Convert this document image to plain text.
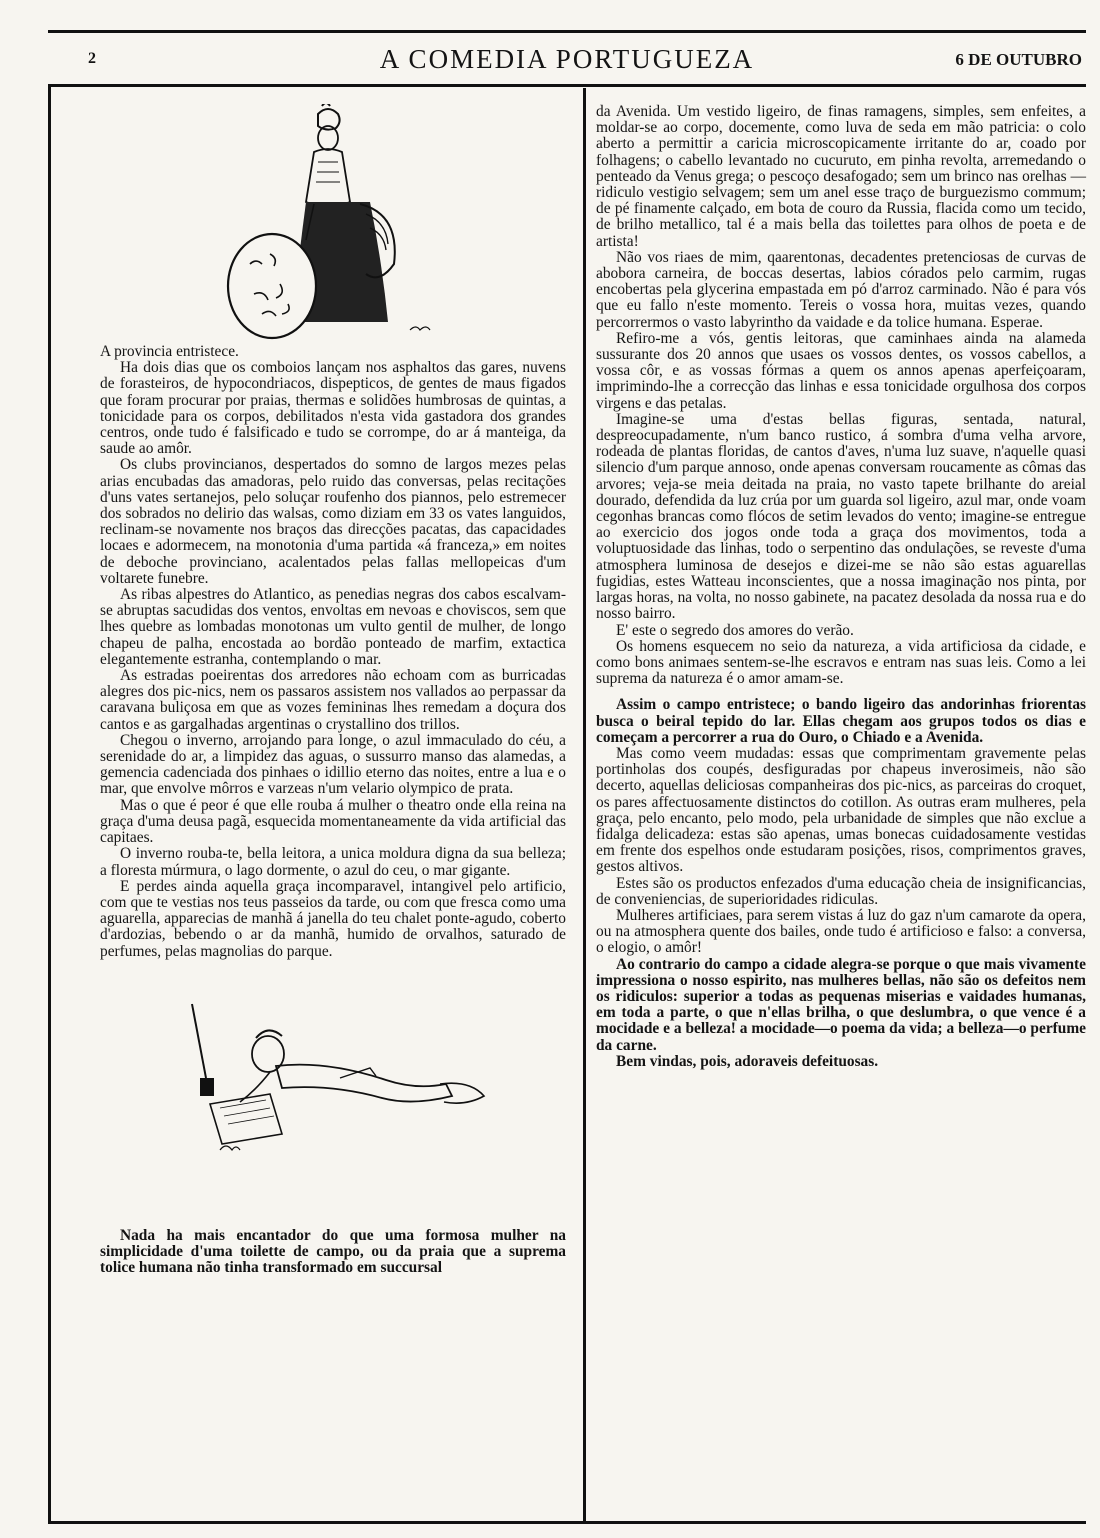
2	A COMEDIA PORTUGUEZA	6 DE OUTUBRO

A provincia entristece.

Ha dois dias que os comboios lançam nos asphaltos das gares, nuvens de forasteiros, de hypocondriacos, dispepticos, de gentes de maus figados que foram procurar por praias, thermas e solidões humbrosas de quintas, a tonicidade para os corpos, debilitados n'esta vida gastadora dos grandes centros, onde tudo é falsificado e tudo se corrompe, do ar á manteiga, da saude ao amôr.

Os clubs provincianos, despertados do somno de largos mezes pelas arias encubadas das amadoras, pelo ruido das conversas, pelas recitações d'uns vates sertanejos, pelo soluçar roufenho dos piannos, pelo estremecer dos sobrados no delirio das walsas, como diziam em 33 os vates languidos, reclinam-se novamente nos braços das direcções pacatas, das capacidades locaes e adormecem, na monotonia d'uma partida «á franceza,» em noites de deboche provinciano, acalentados pelas fallas mellopeicas d'um voltarete funebre.

As ribas alpestres do Atlantico, as penedias negras dos cabos escalvam-se abruptas sacudidas dos ventos, envoltas em nevoas e choviscos, sem que lhes quebre as lombadas monotonas um vulto gentil de mulher, de longo chapeu de palha, encostada ao bordão ponteado de marfim, extactica elegantemente estranha, contemplando o mar.

As estradas poeirentas dos arredores não echoam com as burricadas alegres dos pic-nics, nem os passaros assistem nos vallados ao perpassar da caravana buliçosa em que as vozes femininas lhes remedam a doçura dos cantos e as gargalhadas argentinas o crystallino dos trillos.

Chegou o inverno, arrojando para longe, o azul immaculado do céu, a serenidade do ar, a limpidez das aguas, o sussurro manso das alamedas, a gemencia cadenciada dos pinhaes o idillio eterno das noites, entre a lua e o mar, que envolve môrros e varzeas n'um velario olympico de prata.

Mas o que é peor é que elle rouba á mulher o theatro onde ella reina na graça d'uma deusa pagã, esquecida momentaneamente da vida artificial das capitaes.

O inverno rouba-te, bella leitora, a unica moldura digna da sua belleza; a floresta múrmura, o lago dormente, o azul do ceu, o mar gigante.

E perdes ainda aquella graça incomparavel, intangivel pelo artificio, com que te vestias nos teus passeios da tarde, ou com que fresca como uma aguarella, apparecias de manhã á janella do teu chalet ponte-agudo, coberto d'ardozias, bebendo o ar da manhã, humido de orvalhos, saturado de perfumes, pelas magnolias do parque.

Nada ha mais encantador do que uma formosa mulher na simplicidade d'uma toilette de campo, ou da praia que a suprema tolice humana não tinha transformado em succursal

da Avenida. Um vestido ligeiro, de finas ramagens, simples, sem enfeites, a moldar-se ao corpo, docemente, como luva de seda em mão patricia: o colo aberto a permittir a caricia microscopicamente irritante do ar, coado por folhagens; o cabello levantado no cucuruto, em pinha revolta, arremedando o penteado da Venus grega; o pescoço desafogado; sem um brinco nas orelhas — ridiculo vestigio selvagem; sem um anel esse traço de burguezismo commum; de pé finamente calçado, em bota de couro da Russia, flacida como um tecido, de brilho metallico, tal é a mais bella das toilettes para olhos de poeta e de artista!

Não vos riaes de mim, qaarentonas, decadentes pretenciosas de curvas de abobora carneira, de boccas desertas, labios córados pelo carmim, rugas encobertas pela glycerina empastada em pó d'arroz carminado. Não é para vós que eu fallo n'este momento. Tereis o vossa hora, muitas vezes, quando percorrermos o vasto labyrintho da vaidade e da tolice humana. Esperae.

Refiro-me a vós, gentis leitoras, que caminhaes ainda na alameda sussurante dos 20 annos que usaes os vossos dentes, os vossos cabellos, a vossa côr, e as vossas fórmas a quem os annos apenas aperfeiçoaram, imprimindo-lhe a correcção das linhas e essa tonicidade orgulhosa dos corpos virgens e das petalas.

Imagine-se uma d'estas bellas figuras, sentada, natural, despreocupadamente, n'um banco rustico, á sombra d'uma velha arvore, rodeada de plantas floridas, de cantos d'aves, n'uma luz suave, n'aquelle quasi silencio d'um parque annoso, onde apenas conversam roucamente as cômas das arvores; veja-se meia deitada na praia, no vasto tapete brilhante do areial dourado, defendida da luz crúa por um guarda sol ligeiro, azul mar, onde voam cegonhas brancas como flócos de setim levados do vento; imagine-se entregue ao exercicio dos jogos onde toda a graça dos movimentos, toda a voluptuosidade das linhas, todo o serpentino das ondulações, se reveste d'uma atmosphera luminosa de desejos e dizei-me se não são estas aguarellas fugidias, estes Watteau inconscientes, que a nossa imaginação nos pinta, por largas horas, na volta, no nosso gabinete, na pacatez desolada da nossa rua e do nosso bairro.

E' este o segredo dos amores do verão.

Os homens esquecem no seio da natureza, a vida artificiosa da cidade, e como bons animaes sentem-se-lhe escravos e entram nas suas leis. Como a lei suprema da natureza é o amor amam-se.

Assim o campo entristece; o bando ligeiro das andorinhas friorentas busca o beiral tepido do lar. Ellas chegam aos grupos todos os dias e começam a percorrer a rua do Ouro, o Chiado e a Avenida.

Mas como veem mudadas: essas que comprimentam gravemente pelas portinholas dos coupés, desfiguradas por chapeus inverosimeis, não são decerto, aquellas deliciosas companheiras dos pic-nics, as parceiras do croquet, os pares affectuosamente distinctos do cotillon. As outras eram mulheres, pela graça, pelo encanto, pelo modo, pela urbanidade de simples que não exclue a fidalga delicadeza: estas são apenas, umas bonecas cuidadosamente vestidas em frente dos espelhos onde estudaram posições, risos, comprimentos graves, gestos altivos.

Estes são os productos enfezados d'uma educação cheia de insignificancias, de conveniencias, de superioridades ridiculas.

Mulheres artificiaes, para serem vistas á luz do gaz n'um camarote da opera, ou na atmosphera quente dos bailes, onde tudo é artificioso e falso: a conversa, o elogio, o amôr!

Ao contrario do campo a cidade alegra-se porque o que mais vivamente impressiona o nosso espirito, nas mulheres bellas, não são os defeitos nem os ridiculos: superior a todas as pequenas miserias e vaidades humanas, em toda a parte, o que n'ellas brilha, o que deslumbra, o que vence é a mocidade e a belleza! a mocidade—o poema da vida; a belleza—o perfume da carne.

Bem vindas, pois, adoraveis defeituosas.
